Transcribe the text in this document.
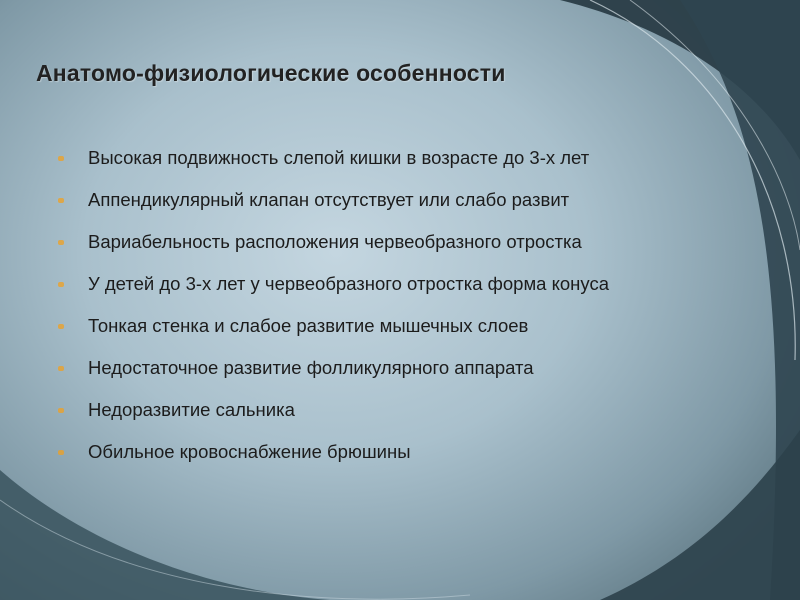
Анатомо-физиологические особенности
Высокая подвижность слепой кишки в возрасте до 3-х лет
Аппендикулярный клапан отсутствует или слабо развит
Вариабельность расположения червеобразного отростка
У детей до 3-х лет у червеобразного отростка форма конуса
Тонкая стенка и слабое развитие мышечных слоев
Недостаточное развитие фолликулярного аппарата
Недоразвитие сальника
Обильное кровоснабжение брюшины
